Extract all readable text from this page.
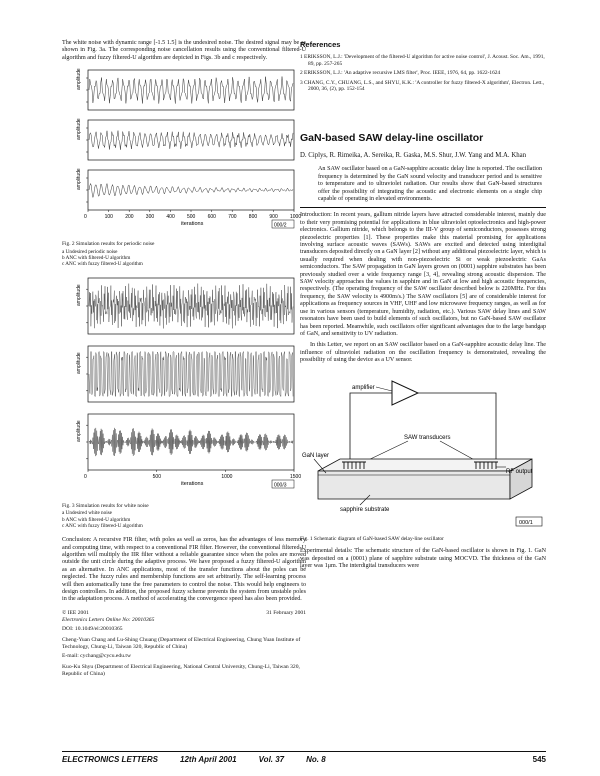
The white noise with dynamic range [-1.5 1.5] is the undesired noise. The desired signal may be as shown in Fig. 3a. The corresponding noise cancellation results using the conventional filtered-U algorithm and fuzzy filtered-U algorithm are depicted in Figs. 3b and c respectively.

amplitude
amplitude
amplitude
0	100 200 300 400 500 600 700 800 900 1000
iterations	000/2
Fig. 2 Simulation results for periodic noise
a Undesired periodic noise
b ANC with filtered-U algorithm
c ANC with fuzzy filtered-U algorithm
amplitude
amplitude
amplitude
0	500	1000	1500
iterations	000/3
Fig. 3 Simulation results for white noise
a Undesired white noise
b ANC with filtered-U algorithm
c ANC with fuzzy filtered-U algorithm

Conclusion: A recursive FIR filter, with poles as well as zeros, has the advantages of less memory and computing time, with respect to a conventional FIR filter. However, the conventional filtered-U algorithm will multiply the IIR filter without a reliable guarantee since when the poles are moved outside the unit circle during the adaptive process. We have proposed a fuzzy filtered-U algorithm as an alternative. In ANC applications, most of the transfer functions about the poles can be neglected. The fuzzy rules and membership functions are set arbitrarily. The self-learning process will then automatically tune the free parameters to control the noise. This would help engineers to design controllers. In addition, the proposed fuzzy scheme prevents the system from unstable poles in the adaptation process. A method of accelerating the convergence speed has also been provided.

© IEE 2001	31 February 2001
Electronics Letters Online No: 20010365
DOI: 10.1049/el:20010365
Cheng-Yuan Chang and Lu-Shing Chuang (Department of Electrical Engineering, Chung Yuan Institute of Technology, Chung-Li, Taiwan 320, Republic of China)
E-mail: cychang@cycu.edu.tw
Kuo-Ku Shyu (Department of Electrical Engineering, National Central University, Chung-Li, Taiwan 320, Republic of China)
References
1 ERIKSSON, L.J.: 'Development of the filtered-U algorithm for active noise control', J. Acoust. Soc. Am., 1991, 89, pp. 257-265
2 ERIKSSON, L.J.: 'An adaptive recursive LMS filter', Proc. IEEE, 1976, 64, pp. 1622-1624
3 CHANG, C.Y., CHUANG, L.S., and SHYU, K.K.: 'A controller for fuzzy filtered-X algorithm', Electron. Lett., 2000, 36, (2), pp. 152-154
GaN-based SAW delay-line oscillator
D. Ciplys, R. Rimeika, A. Sereika, R. Gaska, M.S. Shur, J.W. Yang and M.A. Khan

An SAW oscillator based on a GaN-sapphire acoustic delay line is reported. The oscillation frequency is determined by the GaN sound velocity and transducer period and is sensitive to temperature and to ultraviolet radiation. Our results show that GaN-based structures offer the possibility of integrating the acoustic and electronic elements on a single chip capable of operating in elevated environments.

Introduction: In recent years, gallium nitride layers have attracted considerable interest, mainly due to their very promising potential for applications in blue ultraviolet optoelectronics and high-power electronics. Gallium nitride, which belongs to the III-V group of semiconductors, possesses strong piezoelectric properties [1]. These properties make this material promising for applications involving surface acoustic waves (SAWs). SAWs are excited and detected using interdigital transducers deposited directly on a GaN layer [2] without any additional piezoelectric layer, which is usually required when dealing with non-piezoelectric Si or weak piezoelectric GaAs semiconductors. The SAW propagation in GaN layers grown on (0001) sapphire substrates has been previously studied over a wide frequency range [3, 4], revealing strong acoustic dispersion. The SAW velocity approaches the values in sapphire and in GaN at low and high acoustic frequencies, respectively. (The operating frequency of the SAW oscillator described below is 220MHz. For this frequency, the SAW velocity is 4900m/s.) The SAW oscillators [5] are of considerable interest for applications as frequency sources in VHF, UHF and low microwave frequency ranges, as well as for use in various sensors (temperature, humidity, radiation, etc.). Various SAW delay lines and SAW resonators have been used to build elements of such oscillators, but no GaN-based SAW oscillator has been reported. Meanwhile, such oscillators offer significant advantages due to the large bandgap of GaN, and sensitivity to UV radiation.

In this Letter, we report on an SAW oscillator based on a GaN-sapphire acoustic delay line. The influence of ultraviolet radiation on the oscillation frequency is demonstrated, revealing the possibility of using the device as a UV sensor.

amplifier
SAW transducers
GaN layer
RF output
sapphire substrate
000/1
Fig. 1 Schematic diagram of GaN-based SAW delay-line oscillator

Experimental details: The schematic structure of the GaN-based oscillator is shown in Fig. 1. GaN was deposited on a (0001) plane of sapphire substrate using MOCVD. The thickness of the GaN layer was 1μm. The interdigital transducers were

ELECTRONICS LETTERS	12th April 2001	Vol. 37	No. 8	545
